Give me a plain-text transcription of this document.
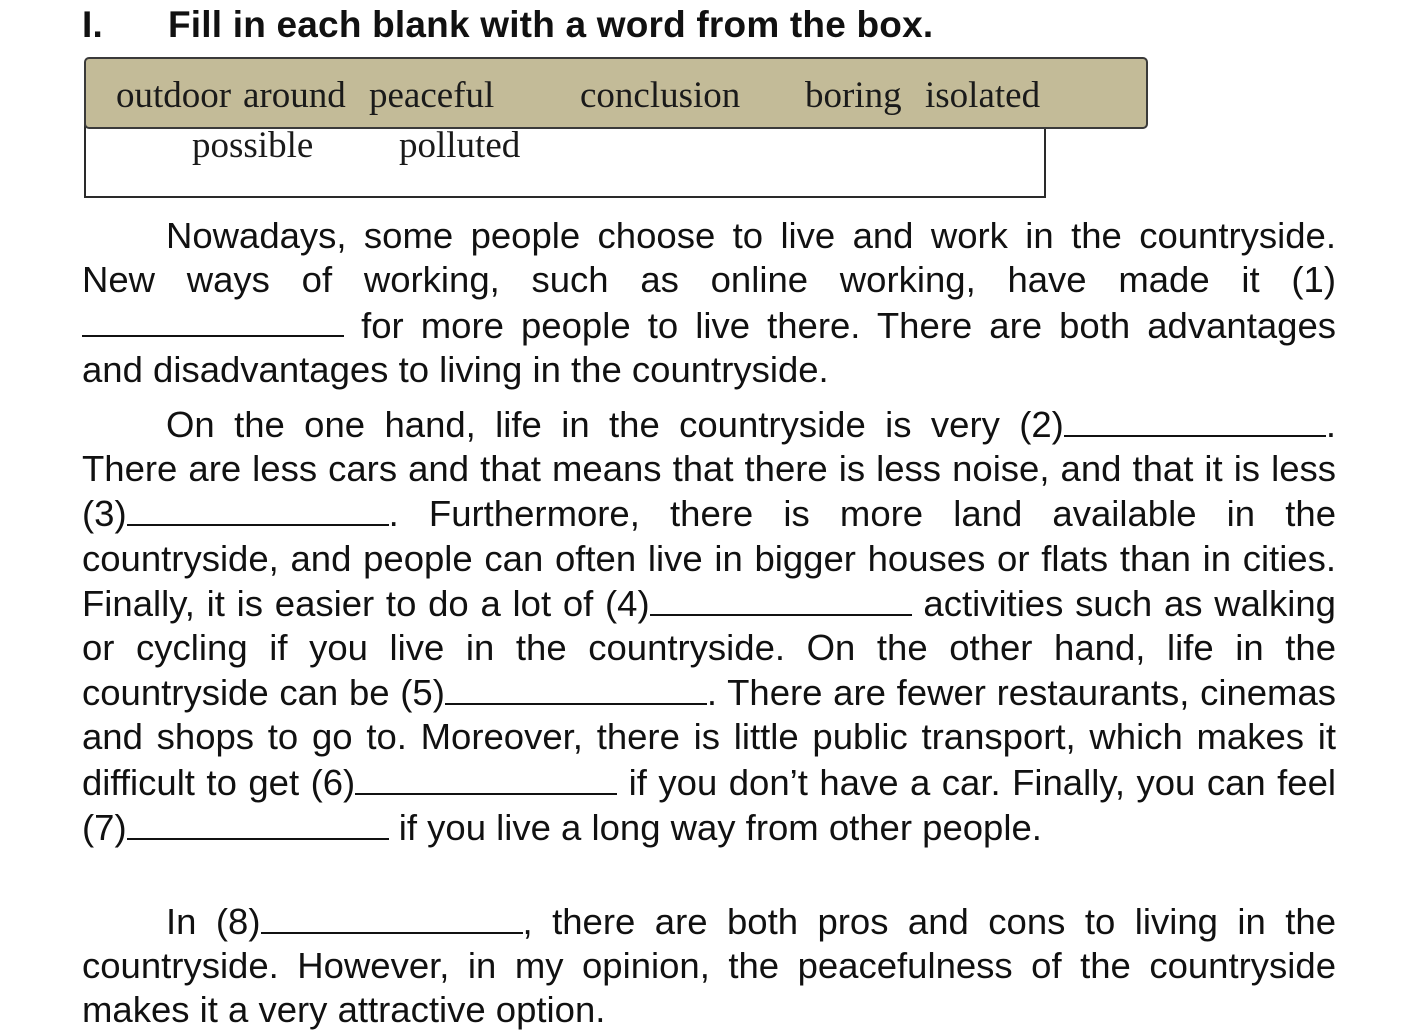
I. Fill in each blank with a word from the box.
outdoor around peaceful conclusion boring isolated
possible polluted

Nowadays, some people choose to live and work in the countryside. New ways of working, such as online working, have made it (1) for more people to live there. There are both advantages and disadvantages to living in the countryside.

On the one hand, life in the countryside is very (2)	. There are less cars and that means that there is less noise, and that it is less (3)	. Furthermore, there is more land available in the countryside, and people can often live in bigger houses or flats than in cities. Finally, it is easier to do a lot of (4)	activities such as walking or cycling if you live in the countryside. On the other hand, life in the countryside can be (5)	. There are fewer restaurants, cinemas and shops to go to. Moreover, there is little public transport, which makes it difficult to get (6)	if you don’t have a car. Finally, you can feel (7)	if you live a long way from other people.

In (8)	, there are both pros and cons to living in the countryside. However, in my opinion, the peacefulness of the countryside makes it a very attractive option.
